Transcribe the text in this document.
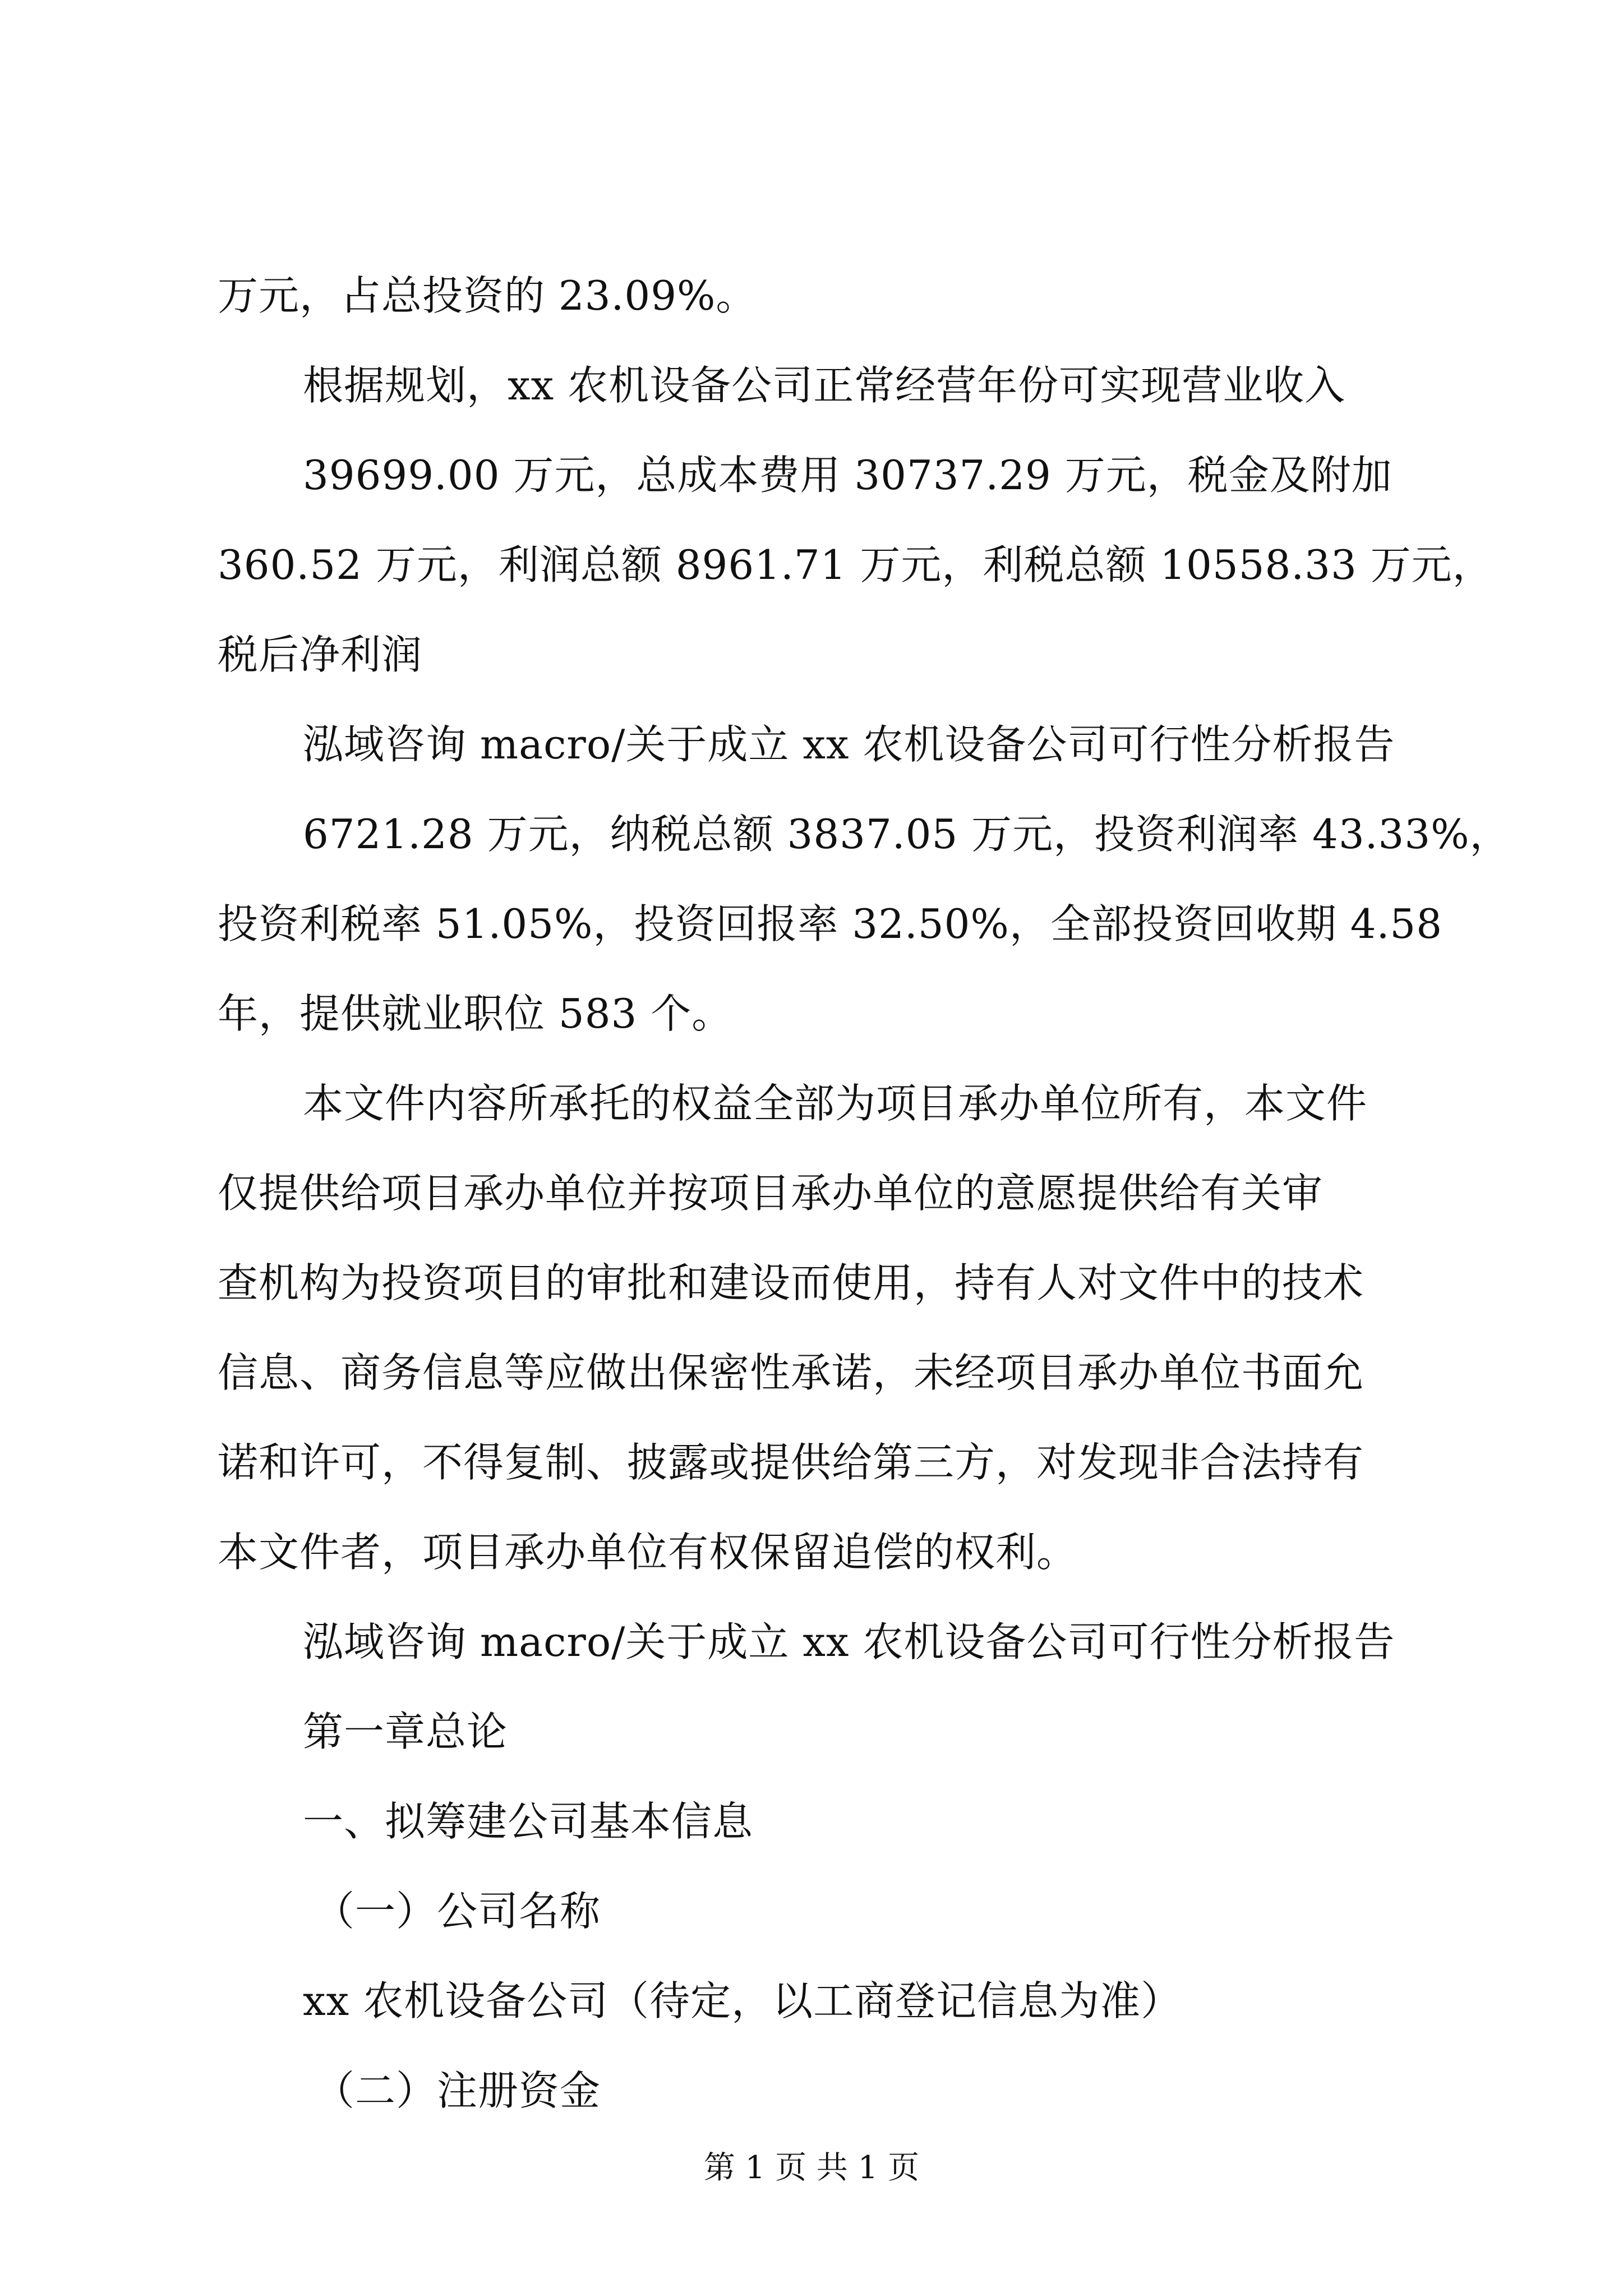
万元，占总投资的 23.09%。
根据规划，xx 农机设备公司正常经营年份可实现营业收入
39699.00 万元，总成本费用 30737.29 万元，税金及附加
360.52 万元，利润总额 8961.71 万元，利税总额 10558.33 万元，
税后净利润
泓域咨询 macro/关于成立 xx 农机设备公司可行性分析报告
6721.28 万元，纳税总额 3837.05 万元，投资利润率 43.33%，
投资利税率 51.05%，投资回报率 32.50%，全部投资回收期 4.58
年，提供就业职位 583 个。
本文件内容所承托的权益全部为项目承办单位所有，本文件
仅提供给项目承办单位并按项目承办单位的意愿提供给有关审
查机构为投资项目的审批和建设而使用，持有人对文件中的技术
信息、商务信息等应做出保密性承诺，未经项目承办单位书面允
诺和许可，不得复制、披露或提供给第三方，对发现非合法持有
本文件者，项目承办单位有权保留追偿的权利。
泓域咨询 macro/关于成立 xx 农机设备公司可行性分析报告
第一章总论
一、拟筹建公司基本信息
（一）公司名称
xx 农机设备公司（待定，以工商登记信息为准）
（二）注册资金
第 1 页 共 1 页
